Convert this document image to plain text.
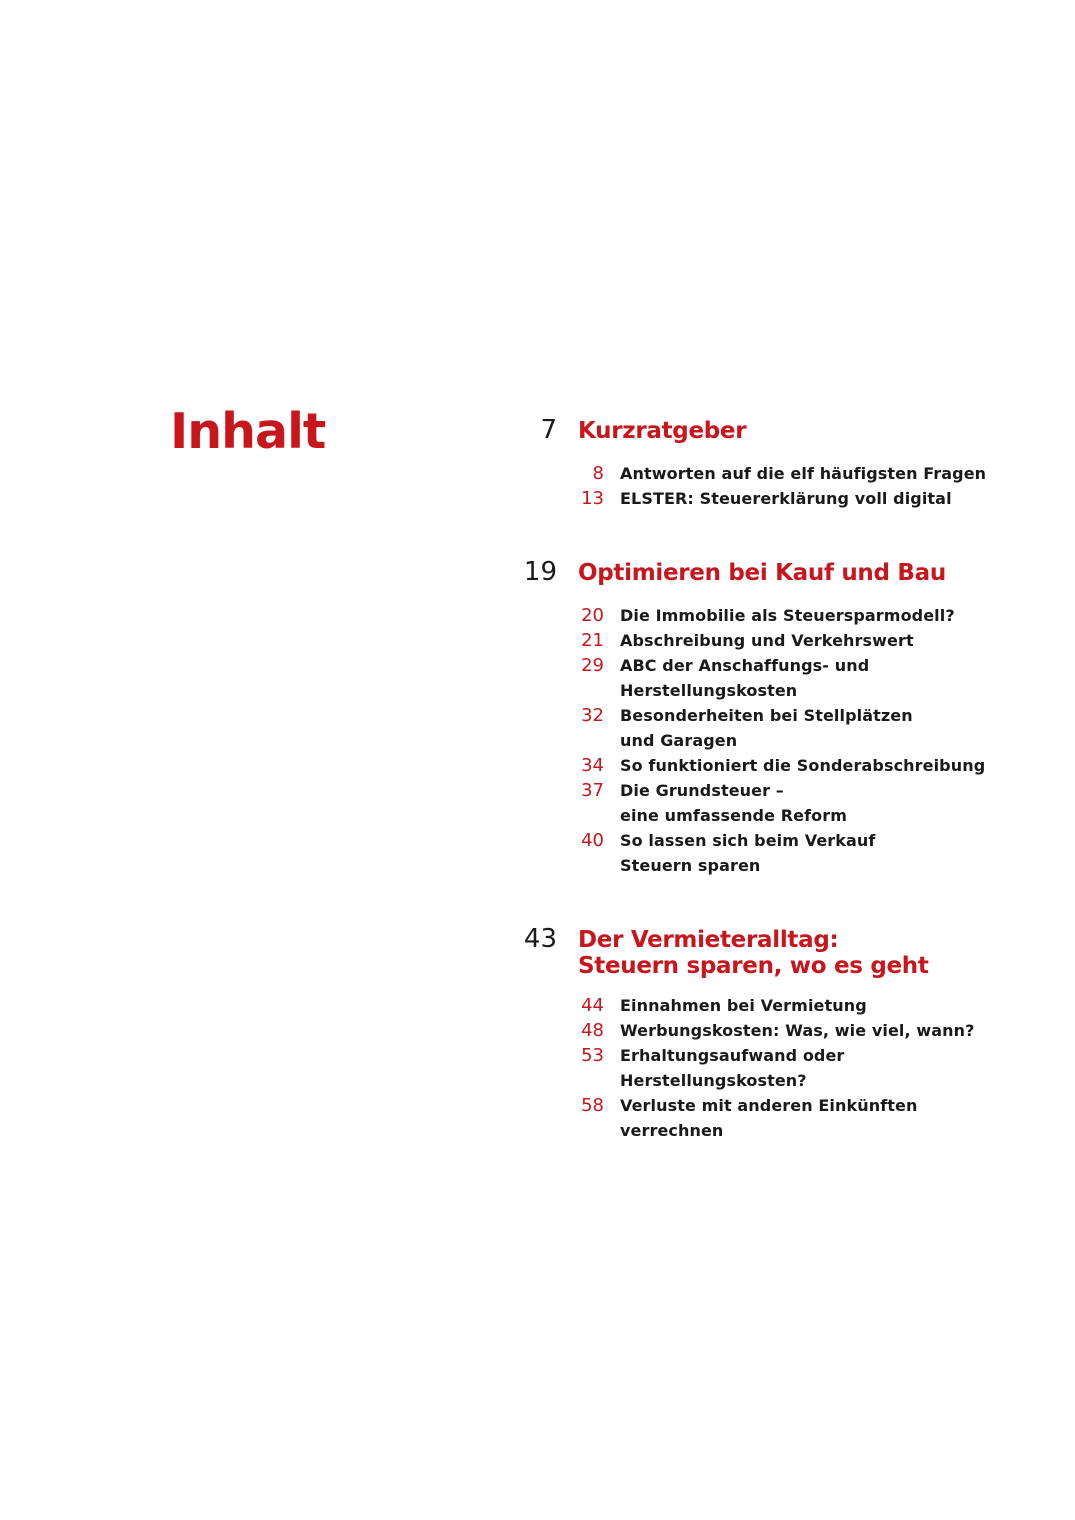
Inhalt	7 Kurzratgeber
8 Antworten auf die elf häufigsten Fragen
13 ELSTER: Steuererklärung voll digital
19 Optimieren bei Kauf und Bau
20 Die Immobilie als Steuersparmodell?
21 Abschreibung und Verkehrswert
29 ABC der Anschaffungs- und
Herstellungskosten
32 Besonderheiten bei Stellplätzen
und Garagen
34 So funktioniert die Sonderabschreibung
37 Die Grundsteuer –
eine umfassende Reform
40 So lassen sich beim Verkauf
Steuern sparen
43 Der Vermieteralltag:
Steuern sparen, wo es geht
44 Einnahmen bei Vermietung
48 Werbungskosten: Was, wie viel, wann?
53 Erhaltungsaufwand oder
Herstellungskosten?
58 Verluste mit anderen Einkünften
verrechnen
